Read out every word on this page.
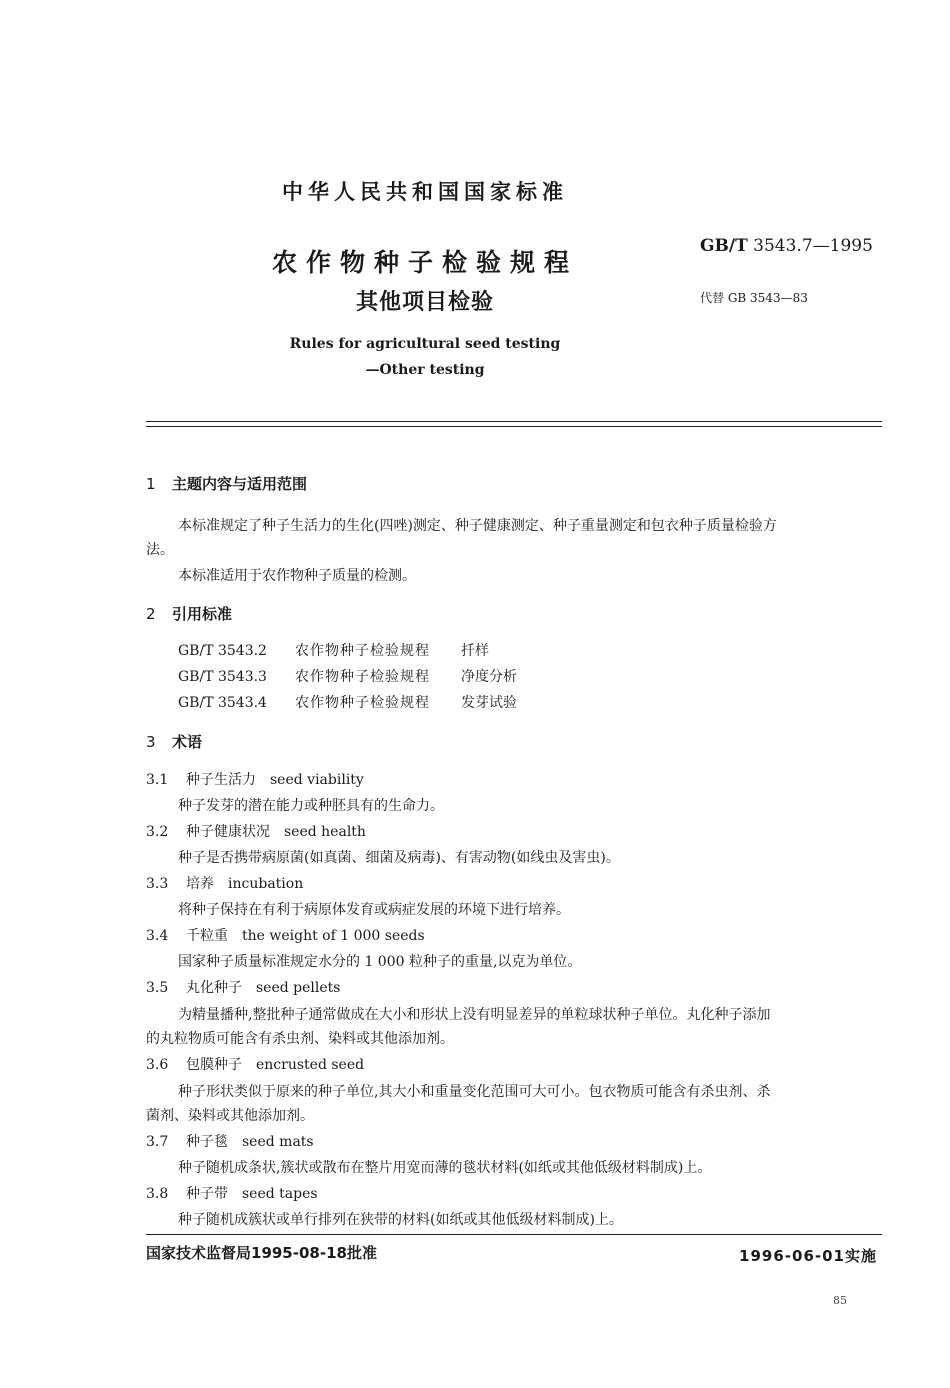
中华人民共和国国家标准
农作物种子检验规程
其他项目检验
GB/T 3543.7—1995
代替 GB 3543—83
Rules for agricultural seed testing
—Other testing
1 主题内容与适用范围
本标准规定了种子生活力的生化(四唑)测定、种子健康测定、种子重量测定和包衣种子质量检验方
法。
本标准适用于农作物种子质量的检测。
2 引用标准
GB/T 3543.2 农作物种子检验规程 扦样
GB/T 3543.3 农作物种子检验规程 净度分析
GB/T 3543.4 农作物种子检验规程 发芽试验
3 术语
3.1 种子生活力 seed viability
种子发芽的潜在能力或种胚具有的生命力。
3.2 种子健康状况 seed health
种子是否携带病原菌(如真菌、细菌及病毒)、有害动物(如线虫及害虫)。
3.3 培养 incubation
将种子保持在有利于病原体发育或病症发展的环境下进行培养。
3.4 千粒重 the weight of 1 000 seeds
国家种子质量标准规定水分的 1 000 粒种子的重量,以克为单位。
3.5 丸化种子 seed pellets
为精量播种,整批种子通常做成在大小和形状上没有明显差异的单粒球状种子单位。丸化种子添加
的丸粒物质可能含有杀虫剂、染料或其他添加剂。
3.6 包膜种子 encrusted seed
种子形状类似于原来的种子单位,其大小和重量变化范围可大可小。包衣物质可能含有杀虫剂、杀
菌剂、染料或其他添加剂。
3.7 种子毯 seed mats
种子随机成条状,簇状或散布在整片用宽而薄的毯状材料(如纸或其他低级材料制成)上。
3.8 种子带 seed tapes
种子随机成簇状或单行排列在狭带的材料(如纸或其他低级材料制成)上。
国家技术监督局1995-08-18批准	1996-06-01实施
85
